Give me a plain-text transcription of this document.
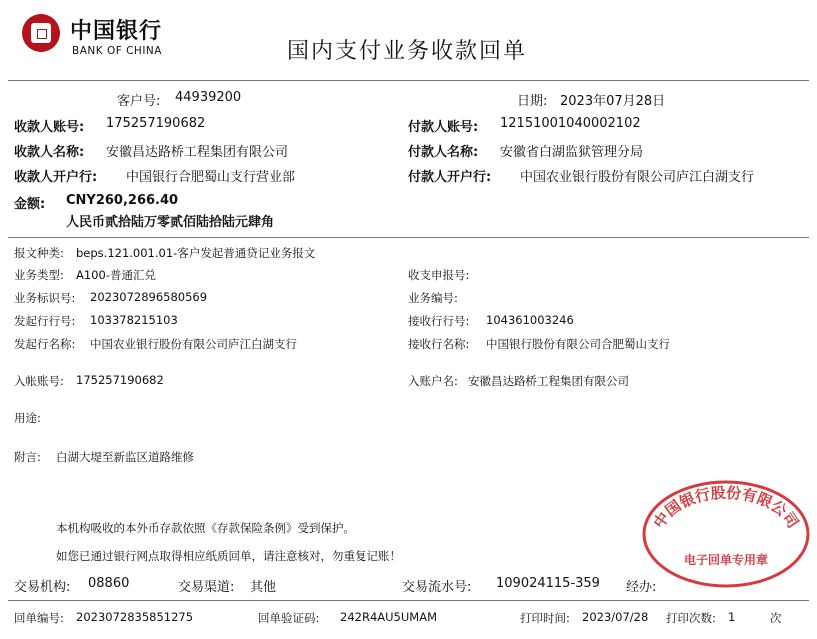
中国银行
BANK OF CHINA	国内支付业务收款回单
客户号: 44939200	日期: 2023年07月28日
收款人账号: 175257190682
收款人名称: 安徽昌达路桥工程集团有限公司
收款人开户行: 中国银行合肥蜀山支行营业部
付款人账号: 12151001040002102
付款人名称: 安徽省白湖监狱管理分局
付款人开户行: 中国农业银行股份有限公司庐江白湖支行
金额: CNY260,266.40
人民币贰拾陆万零贰佰陆拾陆元肆角
报文种类: beps.121.001.01-客户发起普通贷记业务报文
业务类型: A100-普通汇兑	收支申报号:
业务标识号: 2023072896580569	业务编号:
发起行行号: 103378215103	接收行行号: 104361003246
发起行名称: 中国农业银行股份有限公司庐江白湖支行	接收行名称: 中国银行股份有限公司合肥蜀山支行
入帐账号: 175257190682	入账户名: 安徽昌达路桥工程集团有限公司
用途:
附言: 白湖大堤至新监区道路维修
本机构吸收的本外币存款依照《存款保险条例》受到保护。
如您已通过银行网点取得相应纸质回单，请注意核对，勿重复记账！
中国银行股份有限公司
电子回单专用章
交易机构: 08860	交易渠道: 其他	交易流水号: 109024115-359 经办:
回单编号: 2023072835851275	回单验证码: 242R4AU5UMAM	打印时间: 2023/07/28 打印次数: 1	次
